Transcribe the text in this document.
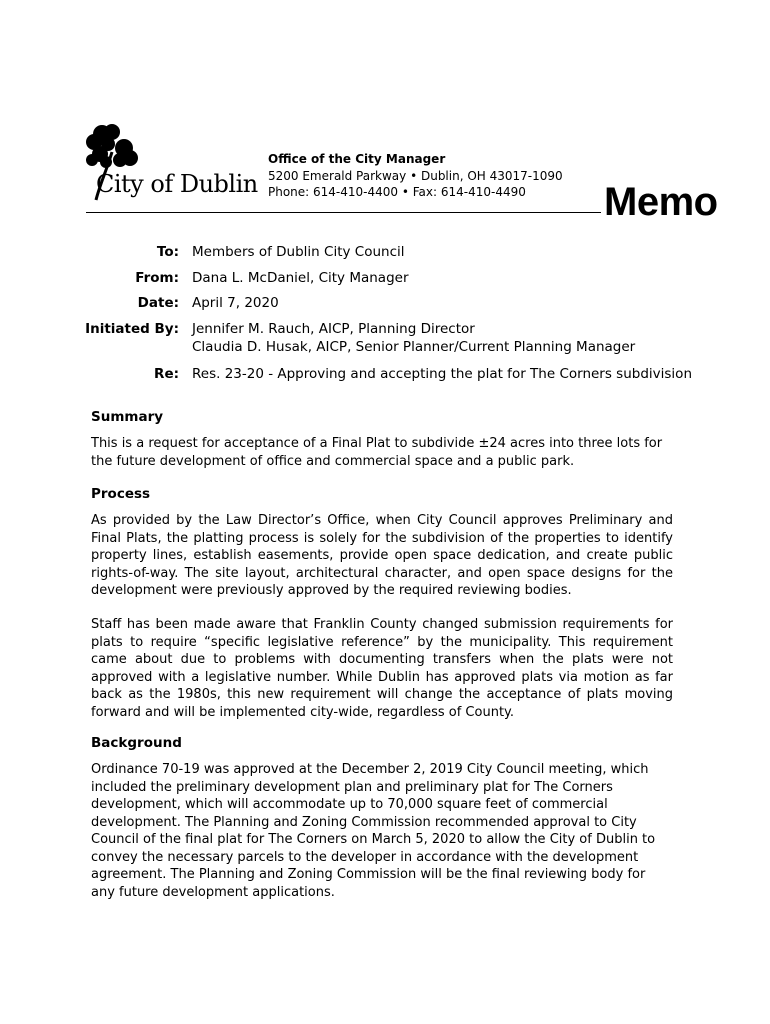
City of Dublin
Office of the City Manager
5200 Emerald Parkway • Dublin, OH 43017-1090
Phone: 614-410-4400 • Fax: 614-410-4490	Memo
To: Members of Dublin City Council
From: Dana L. McDaniel, City Manager
Date: April 7, 2020
Initiated By: Jennifer M. Rauch, AICP, Planning Director
Claudia D. Husak, AICP, Senior Planner/Current Planning Manager
Re: Res. 23-20 - Approving and accepting the plat for The Corners subdivision
Summary

This is a request for acceptance of a Final Plat to subdivide ±24 acres into three lots for the future development of office and commercial space and a public park.

Process

As provided by the Law Director’s Office, when City Council approves Preliminary and Final Plats, the platting process is solely for the subdivision of the properties to identify property lines, establish easements, provide open space dedication, and create public rights-of-way. The site layout, architectural character, and open space designs for the development were previously approved by the required reviewing bodies.

Staff has been made aware that Franklin County changed submission requirements for plats to require “specific legislative reference” by the municipality. This requirement came about due to problems with documenting transfers when the plats were not approved with a legislative number. While Dublin has approved plats via motion as far back as the 1980s, this new requirement will change the acceptance of plats moving forward and will be implemented city-wide, regardless of County.

Background

Ordinance 70-19 was approved at the December 2, 2019 City Council meeting, which included the preliminary development plan and preliminary plat for The Corners development, which will accommodate up to 70,000 square feet of commercial development. The Planning and Zoning Commission recommended approval to City Council of the final plat for The Corners on March 5, 2020 to allow the City of Dublin to convey the necessary parcels to the developer in accordance with the development agreement. The Planning and Zoning Commission will be the final reviewing body for any future development applications.
